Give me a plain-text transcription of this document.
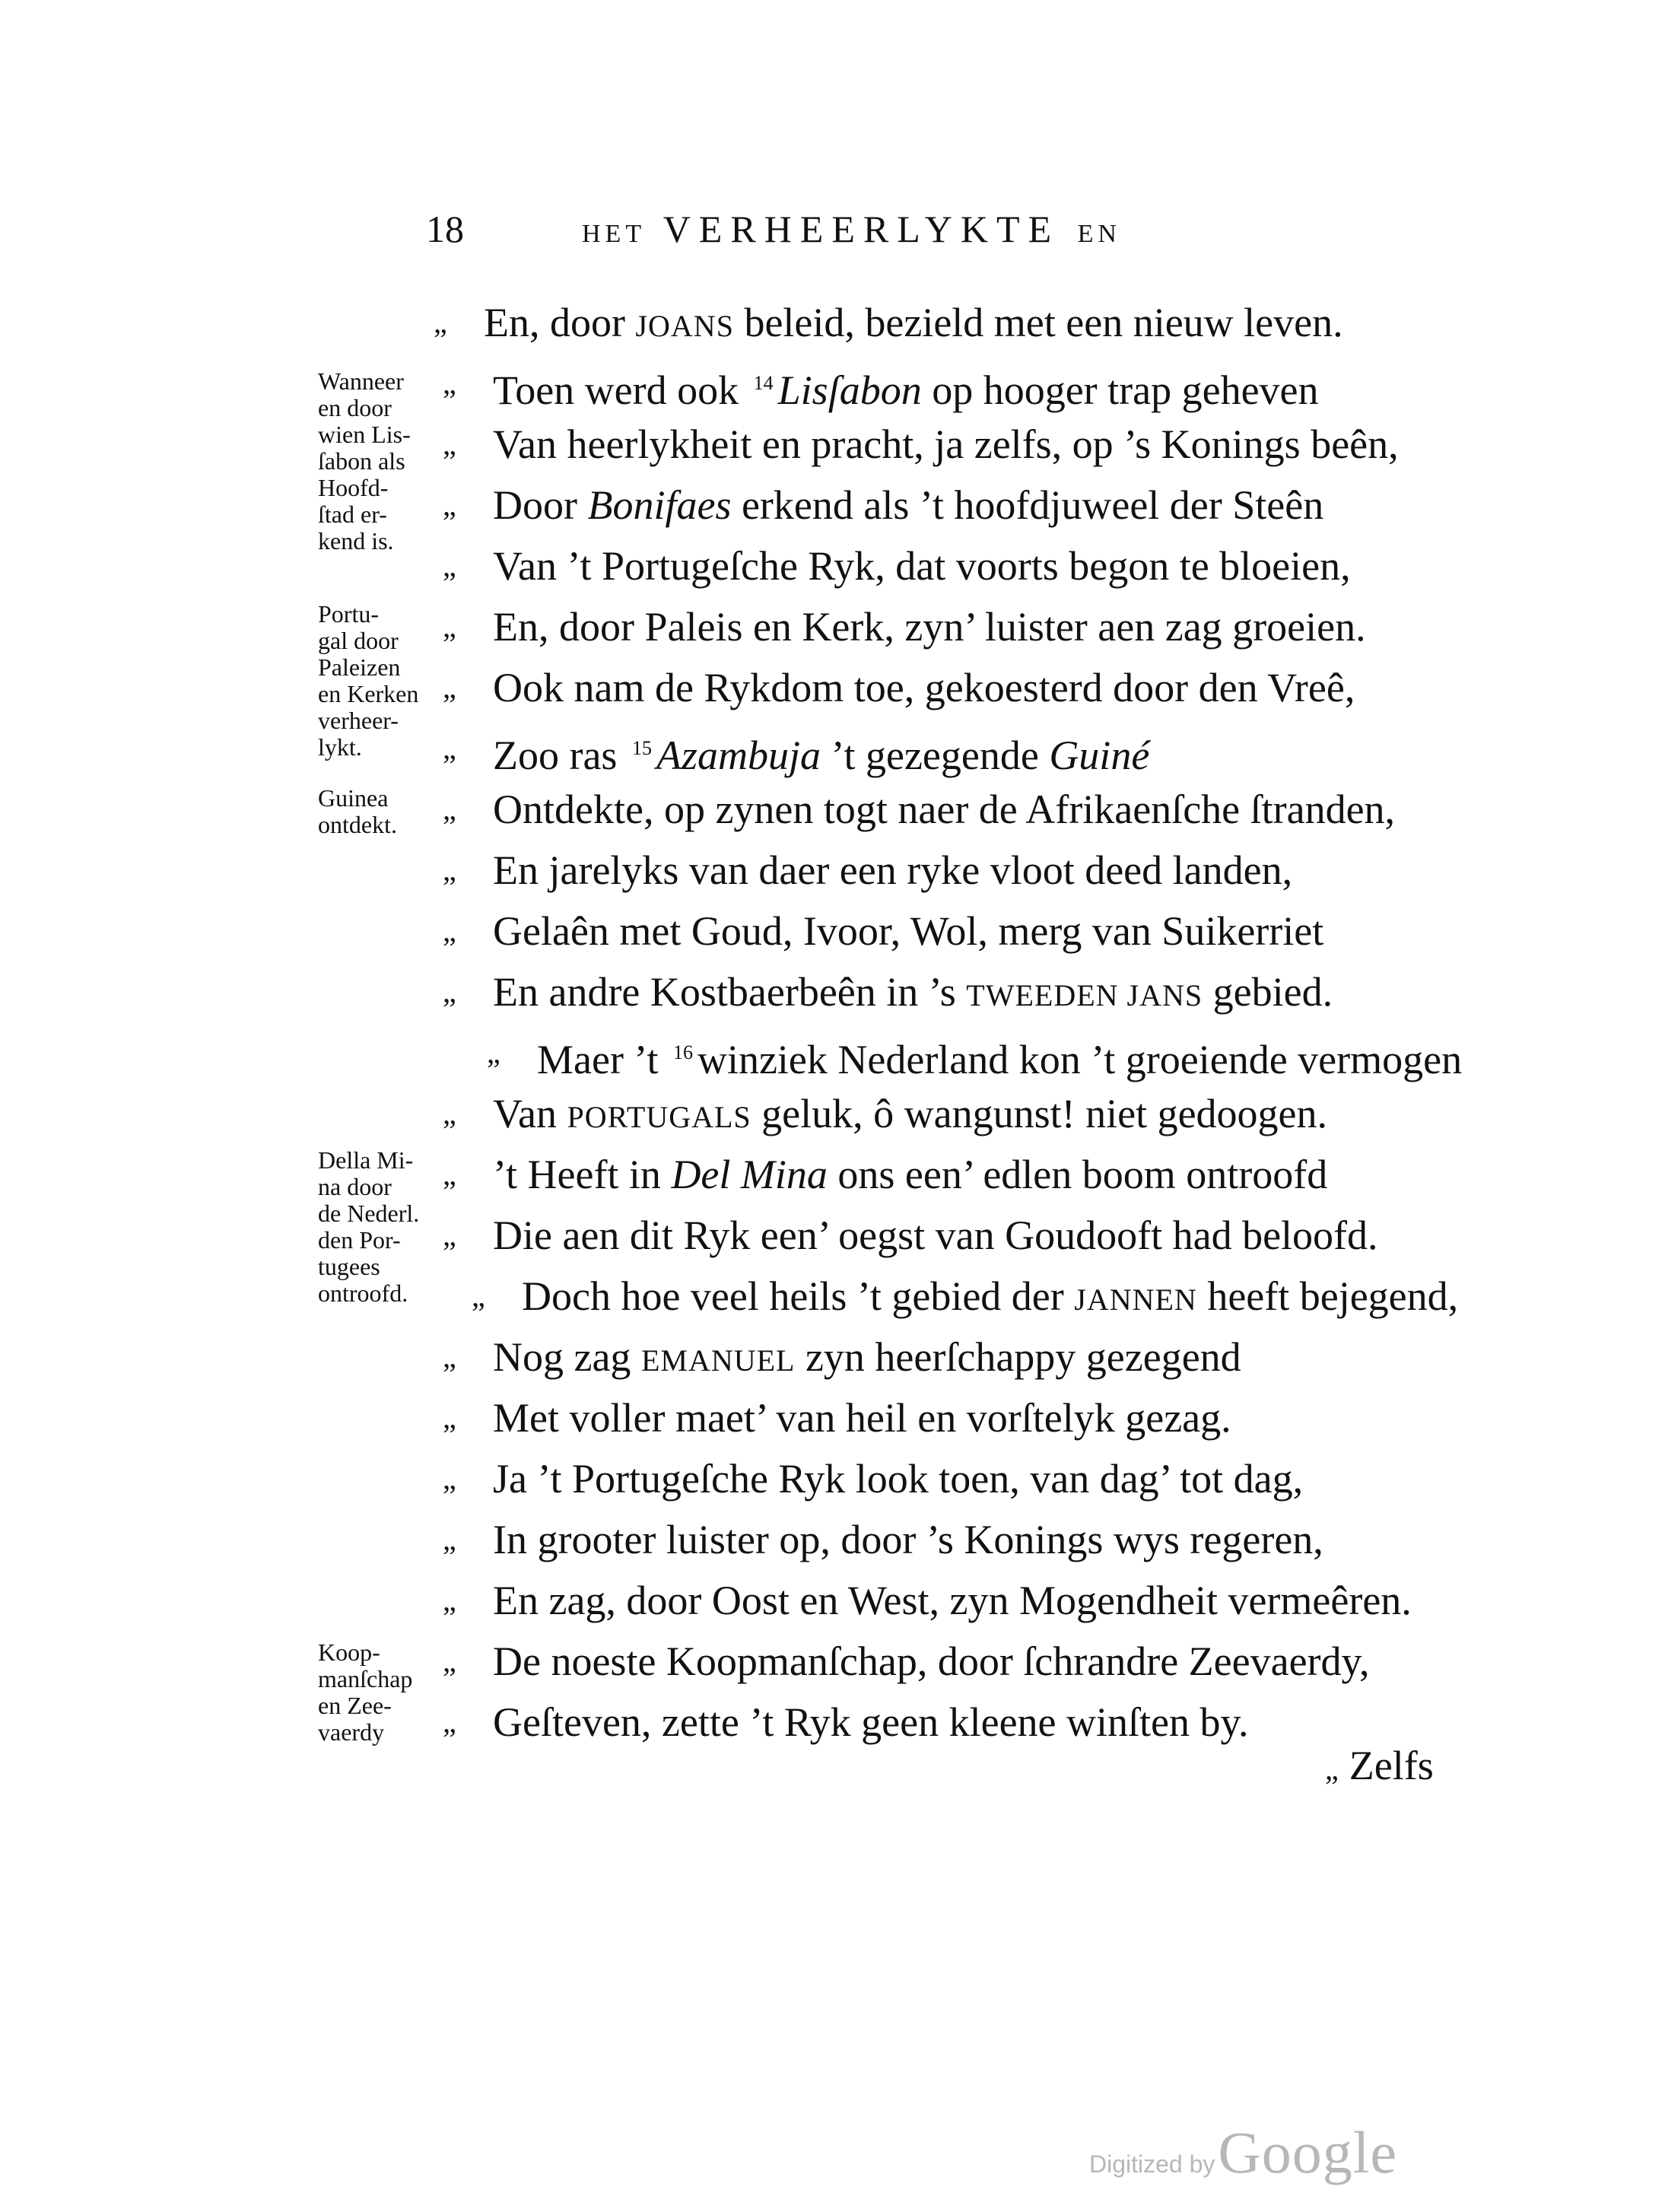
18	HET VERHEERLYKTE EN
„ En, door JOANS beleid, bezield met een nieuw leven.
„ Toen werd ook $^{14}$ Lisſabon op hooger trap geheven
„ Van heerlykheit en pracht, ja zelfs, op ’s Konings beên,
„ Door Bonifaes erkend als ’t hoofdjuweel der Steên
„ Van ’t Portugeſche Ryk, dat voorts begon te bloeien,
„ En, door Paleis en Kerk, zyn’ luister aen zag groeien.
„ Ook nam de Rykdom toe, gekoesterd door den Vreê,
„ Zoo ras $^{15}$ Azambuja ’t gezegende Guiné
„ Ontdekte, op zynen togt naer de Afrikaenſche ſtranden,
„ En jarelyks van daer een ryke vloot deed landen,
„ Gelaên met Goud, Ivoor, Wol, merg van Suikerriet
„ En andre Kostbaerbeên in ’s TWEEDEN JANS gebied.
„ Maer ’t $^{16}$ winziek Nederland kon ’t groeiende vermogen
„ Van PORTUGALS geluk, ô wangunst! niet gedoogen.
„ ’t Heeft in Del Mina ons een’ edlen boom ontroofd
„ Die aen dit Ryk een’ oegst van Goudooft had beloofd.
„ Doch hoe veel heils ’t gebied der JANNEN heeft bejegend,
„ Nog zag EMANUEL zyn heerſchappy gezegend
„ Met voller maet’ van heil en vorſtelyk gezag.
„ Ja ’t Portugeſche Ryk look toen, van dag’ tot dag,
„ In grooter luister op, door ’s Konings wys regeren,
„ En zag, door Oost en West, zyn Mogendheit vermeêren.
„ De noeste Koopmanſchap, door ſchrandre Zeevaerdy,
„ Geſteven, zette ’t Ryk geen kleene winſten by.
Wanneer
en door
wien Lis-
ſabon als
Hoofd-
ſtad er-
kend is.
Portu-
gal door
Paleizen
en Kerken
verheer-
lykt.
Guinea
ontdekt.
Della Mi-
na door
de Nederl.
den Por-
tugees
ontroofd.
Koop-
manſchap
en Zee-
vaerdy
„ Zelfs
Digitized by Google
